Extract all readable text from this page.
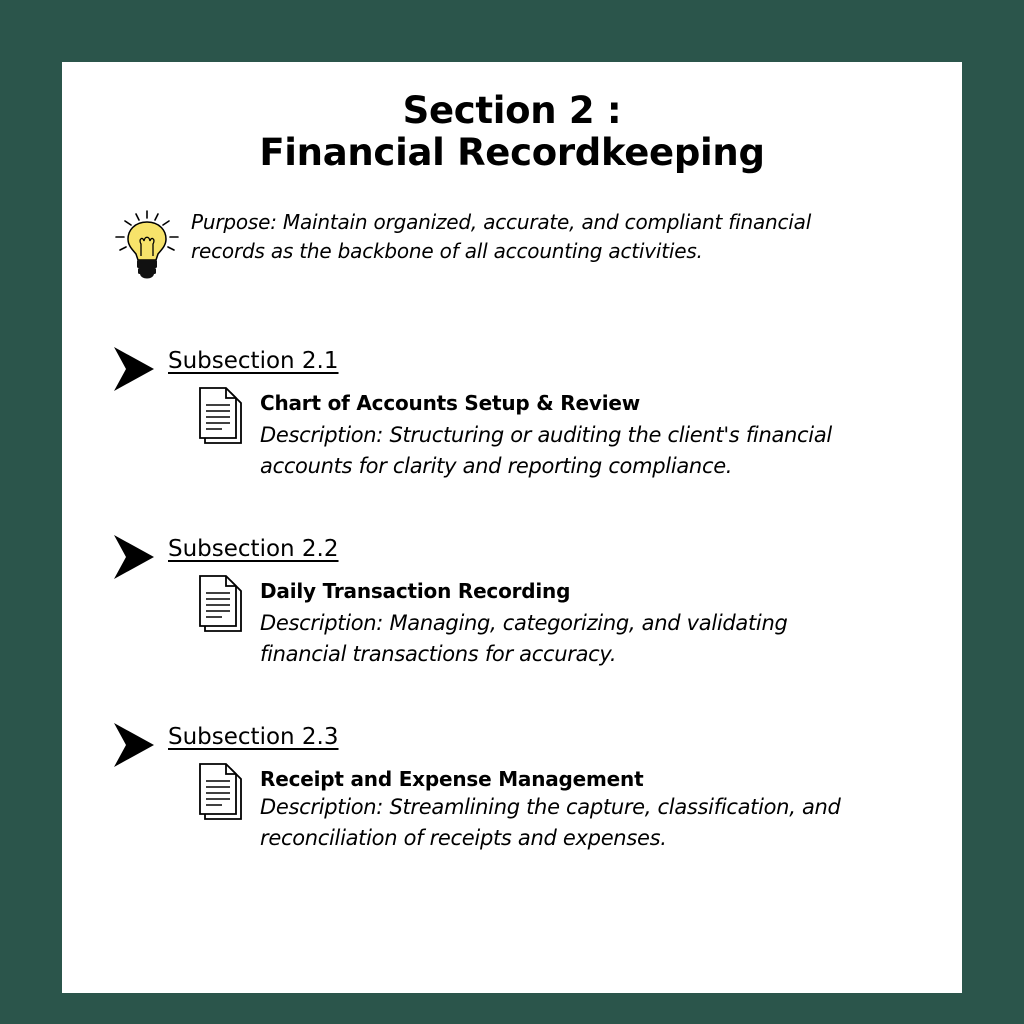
Section 2 :
Financial Recordkeeping
Purpose: Maintain organized, accurate, and compliant financial
records as the backbone of all accounting activities.
Subsection 2.1
Chart of Accounts Setup & Review
Description: Structuring or auditing the client's financial
accounts for clarity and reporting compliance.
Subsection 2.2
Daily Transaction Recording
Description: Managing, categorizing, and validating
financial transactions for accuracy.
Subsection 2.3
Receipt and Expense Management
Description: Streamlining the capture, classification, and
reconciliation of receipts and expenses.
